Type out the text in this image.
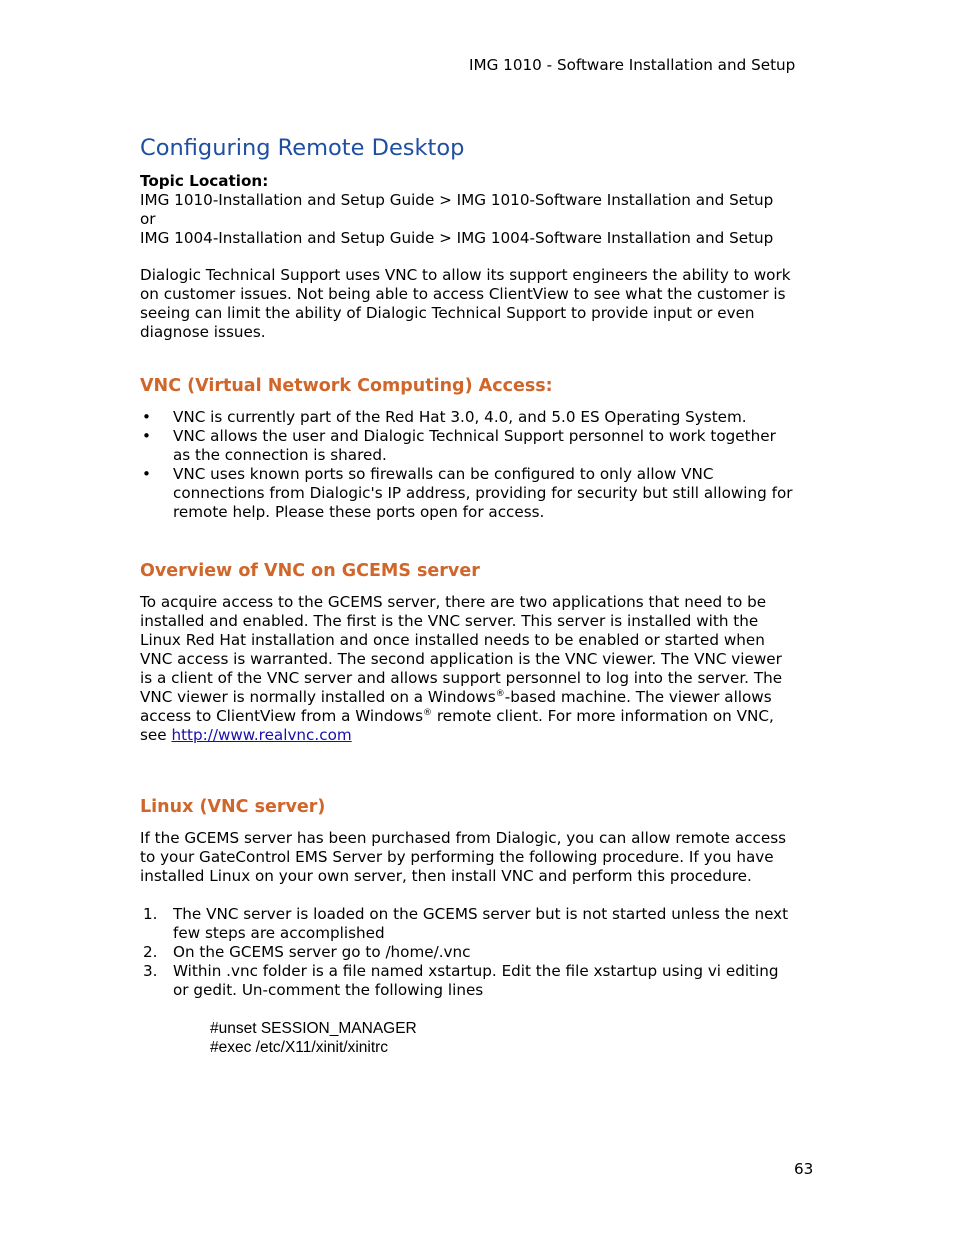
IMG 1010 - Software Installation and Setup
Configuring Remote Desktop
Topic Location:
IMG 1010-Installation and Setup Guide > IMG 1010-Software Installation and Setup
or
IMG 1004-Installation and Setup Guide > IMG 1004-Software Installation and Setup
Dialogic Technical Support uses VNC to allow its support engineers the ability to work
on customer issues. Not being able to access ClientView to see what the customer is
seeing can limit the ability of Dialogic Technical Support to provide input or even
diagnose issues.
VNC (Virtual Network Computing) Access:
• VNC is currently part of the Red Hat 3.0, 4.0, and 5.0 ES Operating System.
• VNC allows the user and Dialogic Technical Support personnel to work together
as the connection is shared.
• VNC uses known ports so firewalls can be configured to only allow VNC
connections from Dialogic's IP address, providing for security but still allowing for
remote help. Please these ports open for access.
Overview of VNC on GCEMS server
To acquire access to the GCEMS server, there are two applications that need to be
installed and enabled. The first is the VNC server. This server is installed with the
Linux Red Hat installation and once installed needs to be enabled or started when
VNC access is warranted. The second application is the VNC viewer. The VNC viewer
is a client of the VNC server and allows support personnel to log into the server. The
VNC viewer is normally installed on a Windows®-based machine. The viewer allows
access to ClientView from a Windows® remote client. For more information on VNC,
see http://www.realvnc.com
Linux (VNC server)
If the GCEMS server has been purchased from Dialogic, you can allow remote access
to your GateControl EMS Server by performing the following procedure. If you have
installed Linux on your own server, then install VNC and perform this procedure.
1. The VNC server is loaded on the GCEMS server but is not started unless the next
few steps are accomplished
2. On the GCEMS server go to /home/.vnc
3. Within .vnc folder is a file named xstartup. Edit the file xstartup using vi editing
or gedit. Un-comment the following lines
#unset SESSION_MANAGER
#exec /etc/X11/xinit/xinitrc
63
